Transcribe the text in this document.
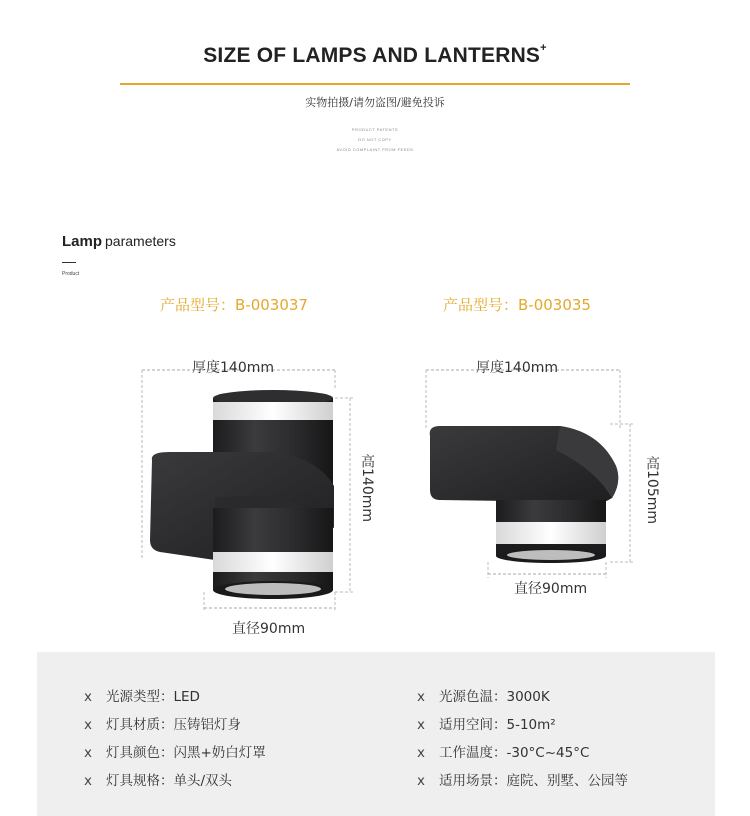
SIZE OF LAMPS AND LANTERNS+
实物拍摄/请勿盗图/避免投诉
PRODUCT PATENTS
DO NOT COPY
AVOID COMPLAINT FROM FEEDS
Lamp parameters
Product
产品型号：B-003037	产品型号：B-003035
厚度140mm
高140mm
直径90mm
厚度140mm
高105mm
直径90mm
x 光源类型：LED
x 灯具材质：压铸铝灯身
x 灯具颜色：闪黑+奶白灯罩
x 灯具规格：单头/双头
x 光源色温：3000K
x 适用空间：5-10m²
x 工作温度：-30°C~45°C
x 适用场景：庭院、别墅、公园等
